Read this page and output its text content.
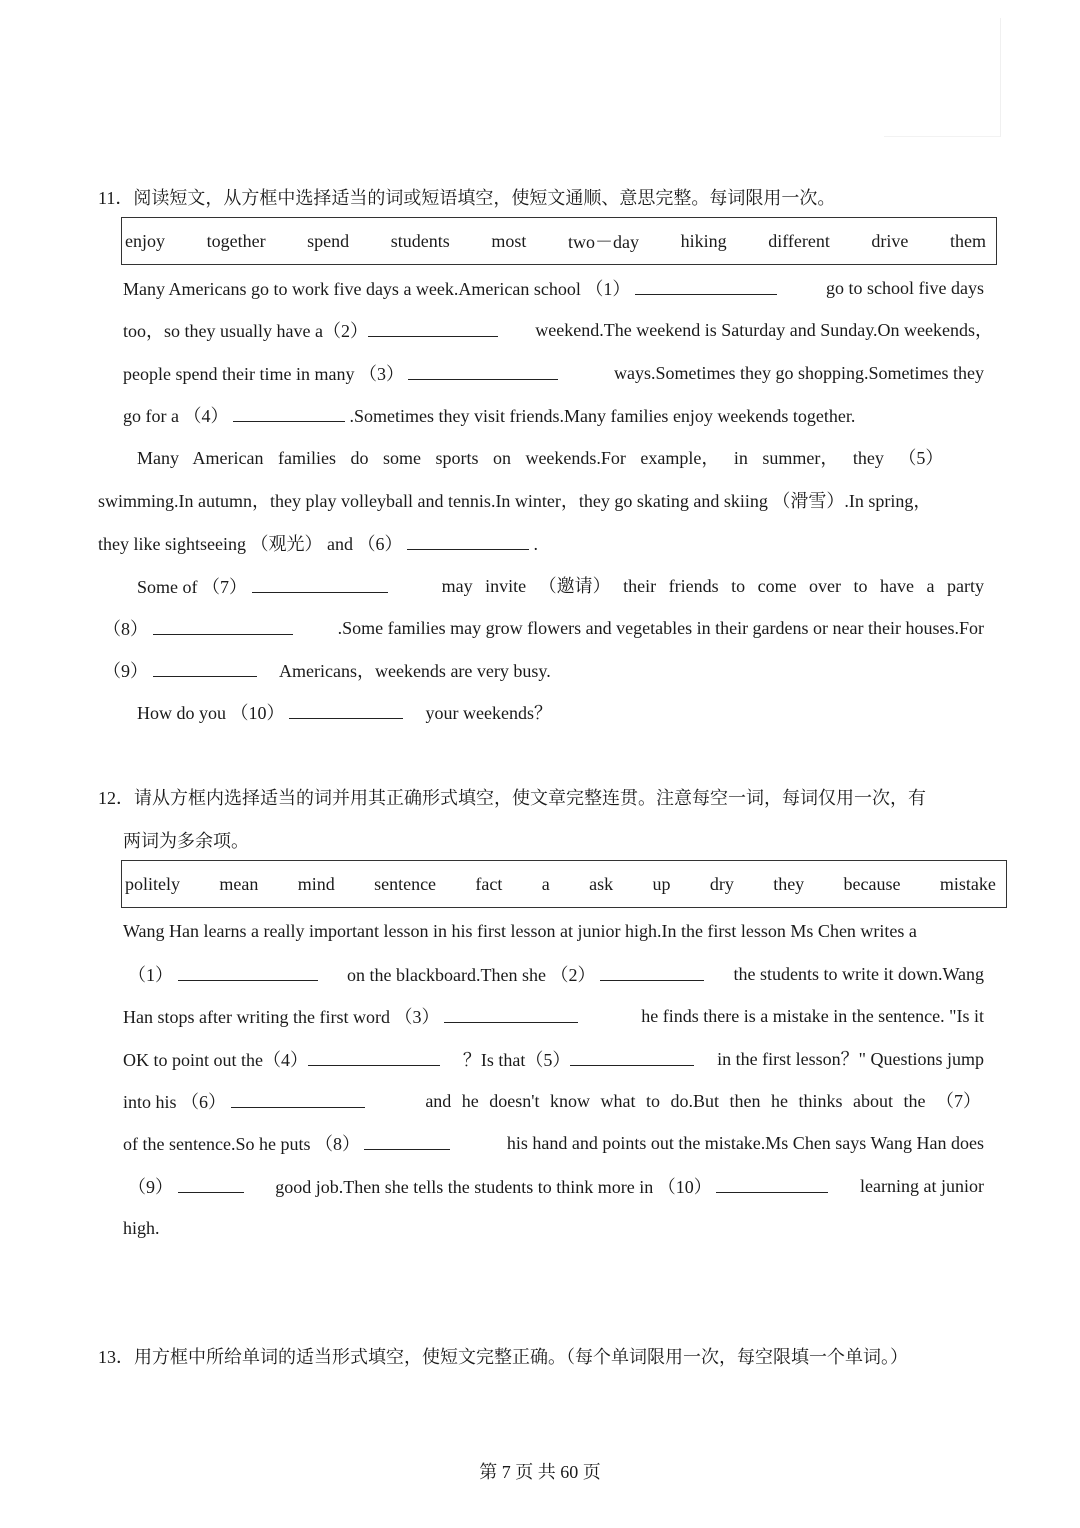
11．阅读短文，从方框中选择适当的词或短语填空，使短文通顺、意思完整。每词限用一次。
enjoy together spend students most two－day hiking different drive them
Many Americans go to work five days a week.American school （1）	go to school five days
too，so they usually have a（2）	weekend.The weekend is Saturday and Sunday.On weekends，
people spend their time in many （3）	ways.Sometimes they go shopping.Sometimes they
go for a （4）	.Sometimes they visit friends.Many families enjoy weekends together.
Many American families do some sports on weekends.For example， in summer， they （5）
swimming.In autumn，they play volleyball and tennis.In winter，they go skating and skiing （滑雪）.In spring，
they like sightseeing （观光） and （6）	.
Some of （7）	may invite （邀请） their friends to come over to have a party
（8）	.Some families may grow flowers and vegetables in their gardens or near their houses.For
（9）	Americans，weekends are very busy.
How do you （10）	your weekends？
12．请从方框内选择适当的词并用其正确形式填空，使文章完整连贯。注意每空一词，每词仅用一次，有
两词为多余项。
politely mean mind sentence fact a ask up dry they because mistake
Wang Han learns a really important lesson in his first lesson at junior high.In the first lesson Ms Chen writes a
（1）	on the blackboard.Then she （2）	the students to write it down.Wang
Han stops after writing the first word （3）	he finds there is a mistake in the sentence. "Is it
OK to point out the（4）	？Is that（5）	in the first lesson？" Questions jump
into his （6）	and he doesn't know what to do.But then he thinks about the （7）
of the sentence.So he puts （8）	his hand and points out the mistake.Ms Chen says Wang Han does
（9）	good job.Then she tells the students to think more in （10）	learning at junior
high.
13．用方框中所给单词的适当形式填空，使短文完整正确。（每个单词限用一次，每空限填一个单词。）
第 7 页 共 60 页
